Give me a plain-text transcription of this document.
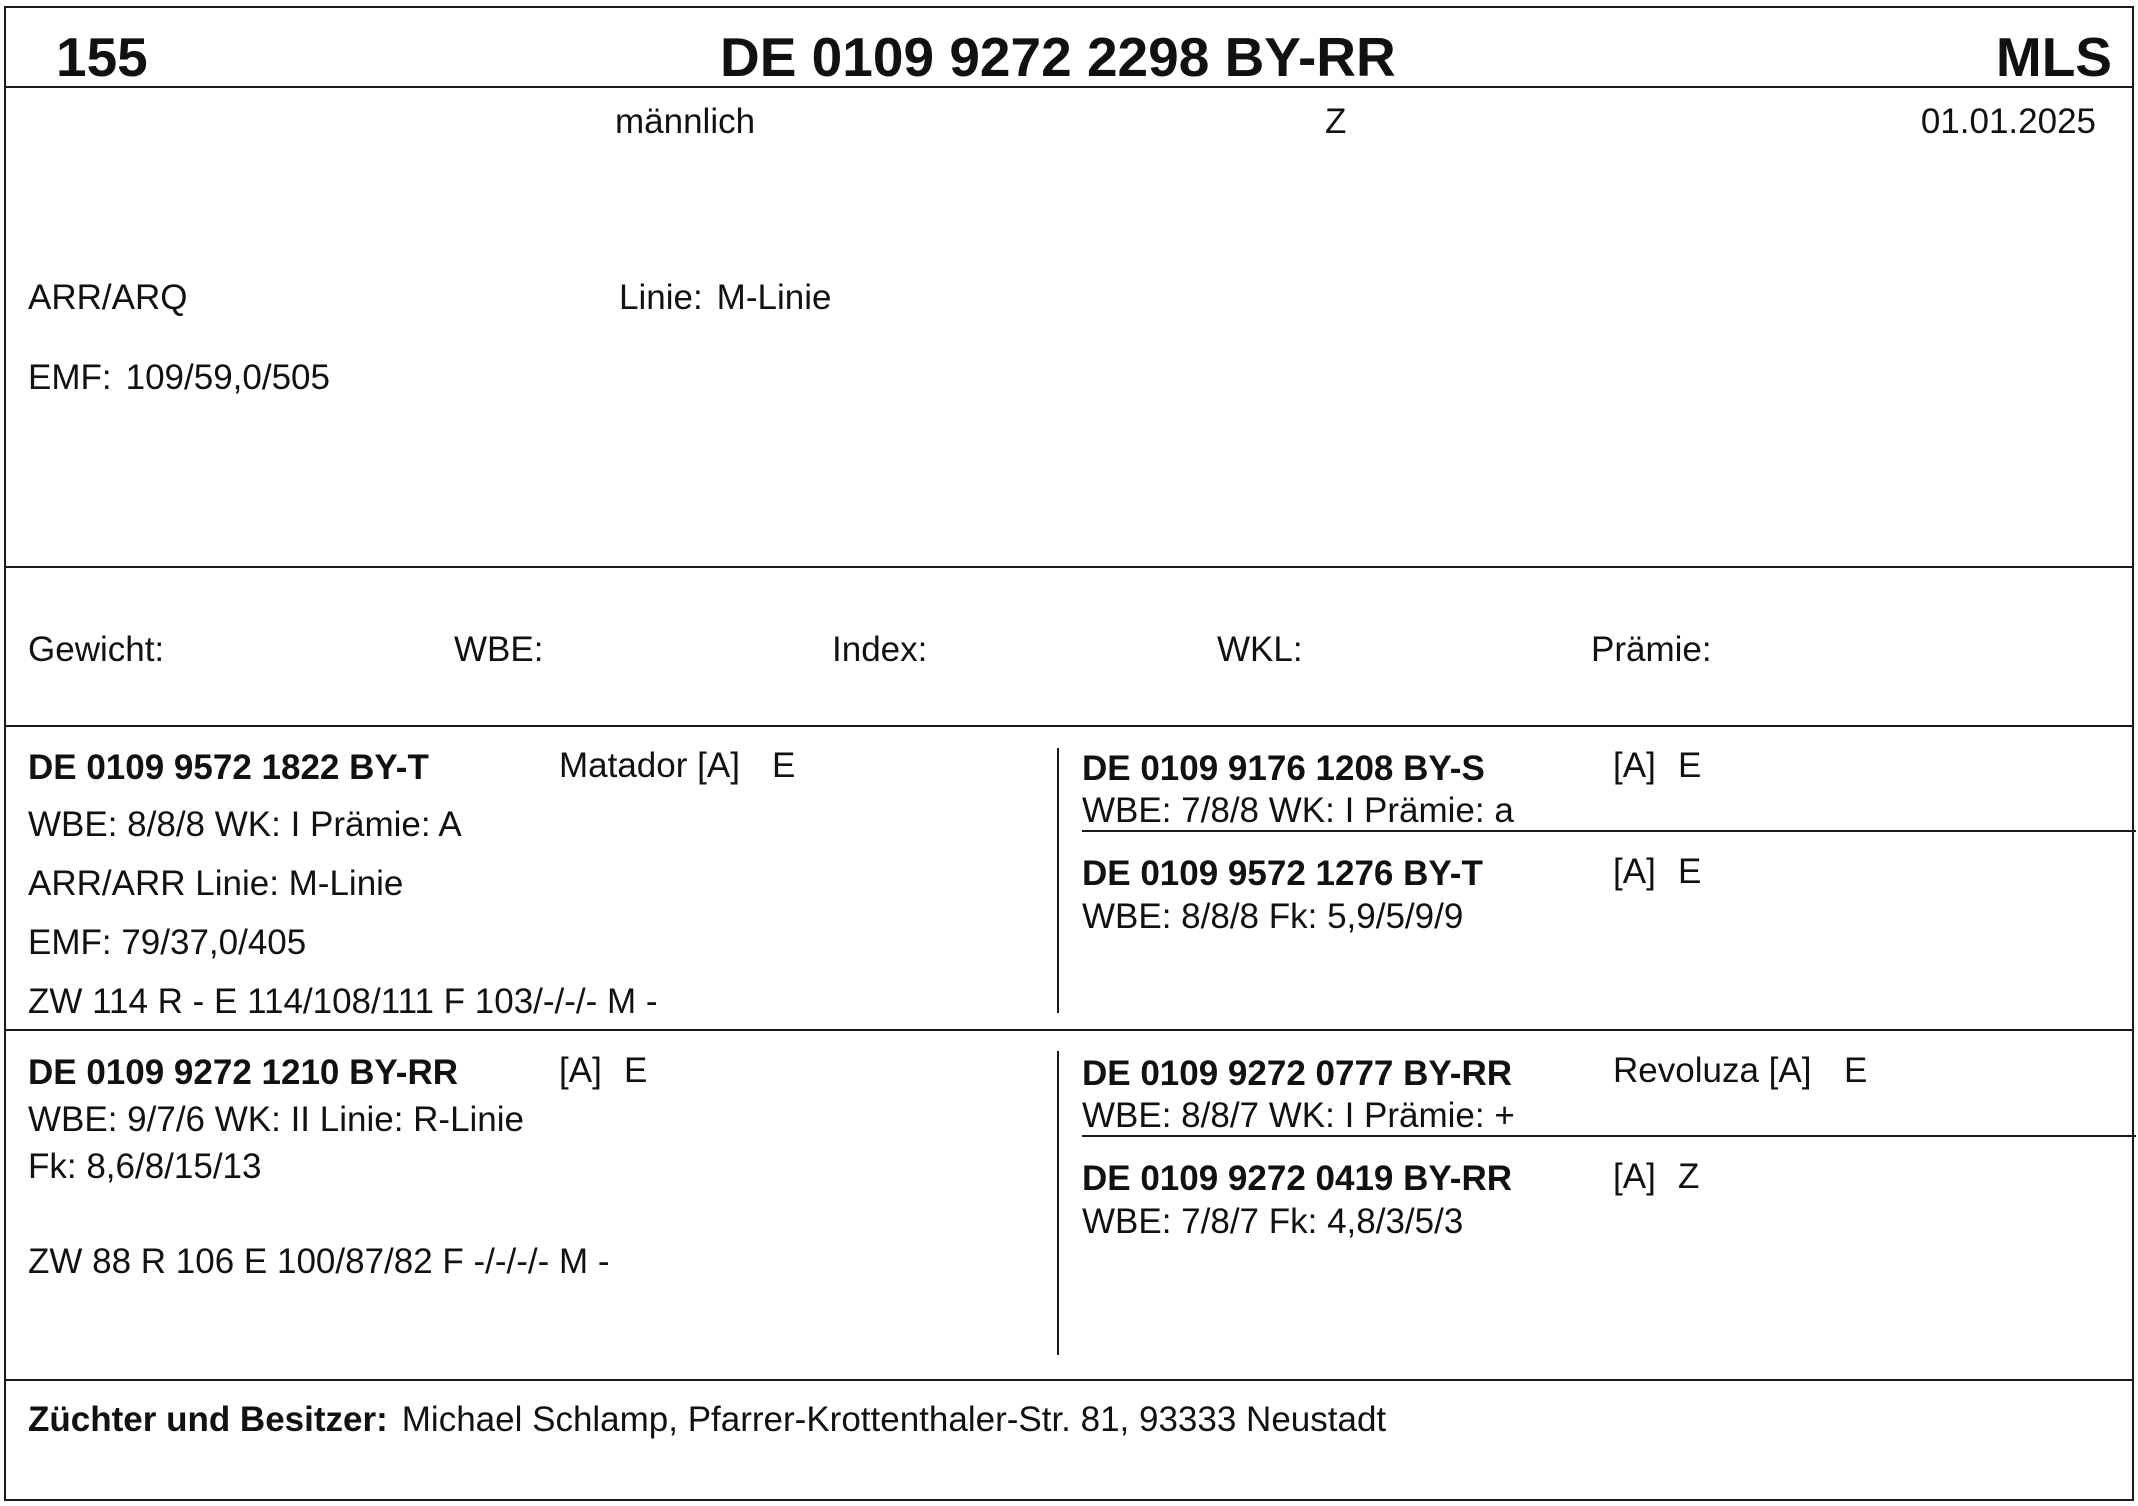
155	DE 0109 9272 2298 BY-RR	MLS
männlich	Z	01.01.2025
ARR/ARQ	Linie: M-Linie
EMF: 109/59,0/505
Gewicht:	WBE:	Index:	WKL:	Prämie:
DE 0109 9572 1822 BY-T	Matador [A] E
WBE: 8/8/8 WK: I Prämie: A
ARR/ARR Linie: M-Linie
EMF: 79/37,0/405
ZW 114 R - E 114/108/111 F 103/-/-/- M -
DE 0109 9176 1208 BY-S	[A] E
WBE: 7/8/8 WK: I Prämie: a
DE 0109 9572 1276 BY-T	[A] E
WBE: 8/8/8 Fk: 5,9/5/9/9
DE 0109 9272 1210 BY-RR	[A] E
WBE: 9/7/6 WK: II Linie: R-Linie
Fk: 8,6/8/15/13
ZW 88 R 106 E 100/87/82 F -/-/-/- M -
DE 0109 9272 0777 BY-RR	Revoluza [A] E
WBE: 8/8/7 WK: I Prämie: +
DE 0109 9272 0419 BY-RR	[A] Z
WBE: 7/8/7 Fk: 4,8/3/5/3
Züchter und Besitzer: Michael Schlamp, Pfarrer-Krottenthaler-Str. 81, 93333 Neustadt
